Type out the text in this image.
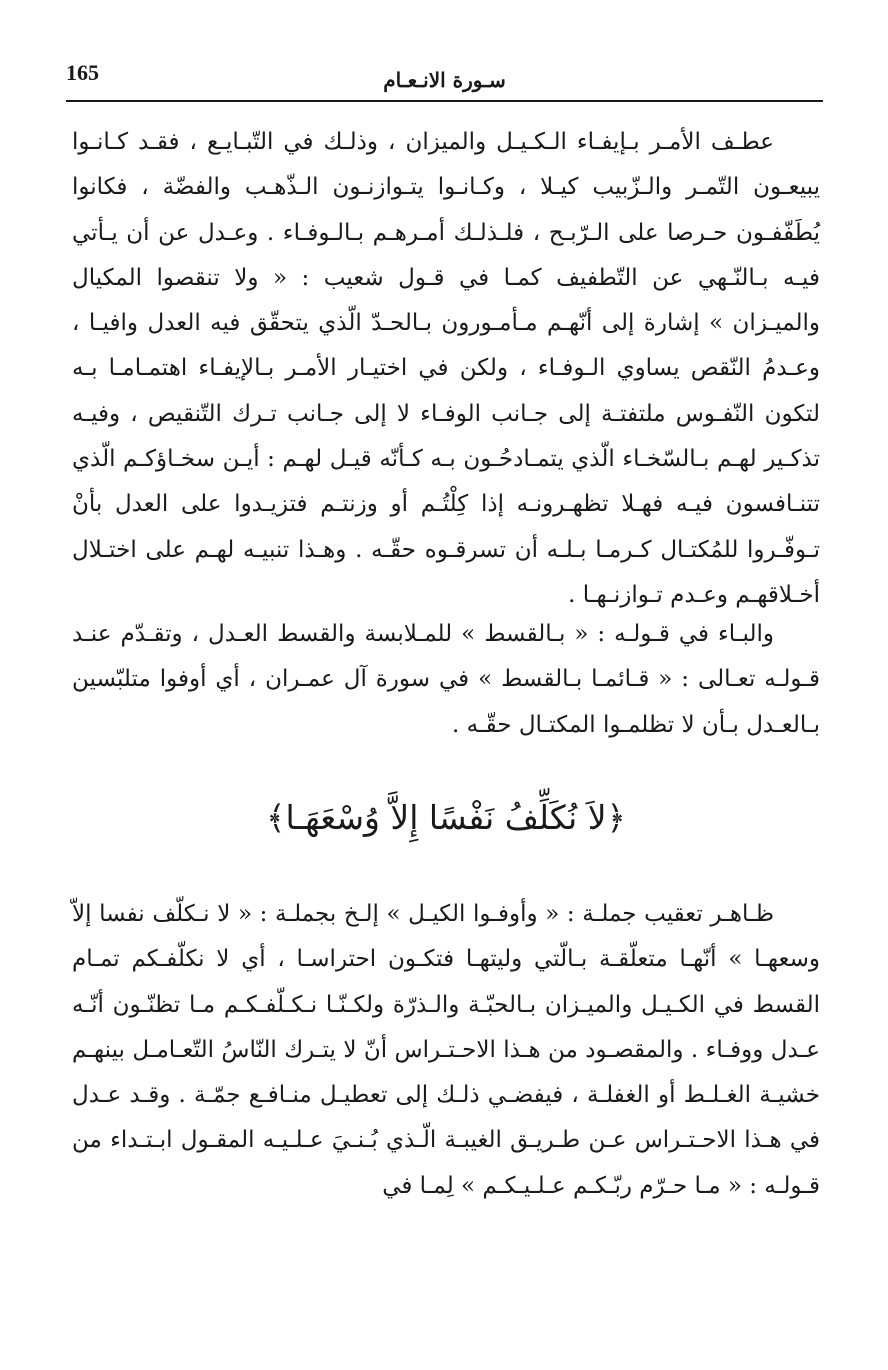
165	سـورة الانـعـام

عطـف الأمـر بـإيفـاء الـكـيـل والميزان ، وذلـك في التّبـايـع ، فقـد كـانـوا يبيعـون التّمـر والـزّبيب كيـلا ، وكـانـوا يتـوازنـون الـذّهـب والفضّة ، فكانوا يُطَفّفـون حـرصا على الـرّبـح ، فلـذلـك أمـرهـم بـالـوفـاء . وعـدل عن أن يـأتي فيـه بـالنّـهي عن التّطفيف كمـا في قـول شعيب : « ولا تنقصوا المكيال والميـزان » إشارة إلى أنّهـم مـأمـورون بـالحـدّ الّذي يتحقّق فيه العدل وافيـا ، وعـدمُ النّقص يساوي الـوفـاء ، ولكن في اختيـار الأمـر بـالإيفـاء اهتمـامـا بـه لتكون النّفـوس ملتفتـة إلى جـانب الوفـاء لا إلى جـانب تـرك التّنقيص ، وفيـه تذكـير لهـم بـالسّخـاء الّذي يتمـادحُـون بـه كـأنّه قيـل لهـم : أيـن سخـاؤكـم الّذي تتنـافسون فيـه فهـلا تظهـرونـه إذا كِلْتُـم أو وزنتـم فتزيـدوا على العدل بأنْ تـوفّـروا للمُكتـال كـرمـا بـلـه أن تسرقـوه حقّـه . وهـذا تنبيـه لهـم على اختـلال أخـلاقهـم وعـدم تـوازنـهـا .

والبـاء في قـولـه : « بـالقسط » للمـلابسة والقسط العـدل ، وتقـدّم عنـد قـولـه تعـالى : « قـائمـا بـالقسط » في سورة آل عمـران ، أي أوفوا متلبّسين بـالعـدل بـأن لا تظلمـوا المكتـال حقّـه .

﴿لاَ نُكَلِّفُ نَفْسًا إِلاَّ وُسْعَهَـا﴾

ظـاهـر تعقيب جملـة : « وأوفـوا الكيـل » إلـخ بجملـة : « لا نـكلّف نفسا إلاّ وسعهـا » أنّهـا متعلّقـة بـالّتي وليتهـا فتكـون احتراسـا ، أي لا نكلّفـكم تمـام القسط في الكـيـل والميـزان بـالحبّـة والـذرّة ولكـنّـا نـكـلّفـكـم مـا تظنّـون أنّـه عـدل ووفـاء . والمقصـود من هـذا الاحـتـراس أنّ لا يتـرك النّاسُ التّعـامـل بينهـم خشيـة الغـلـط أو الغفلـة ، فيفضـي ذلـك إلى تعطيـل منـافـع جمّـة . وقـد عـدل في هـذا الاحـتـراس عـن طـريـق الغيبـة الّـذي بُـنـيَ عـلـيـه المقـول ابـتـداء من قـولـه : « مـا حـرّم ربّـكـم عـلـيـكـم » لِمـا في
